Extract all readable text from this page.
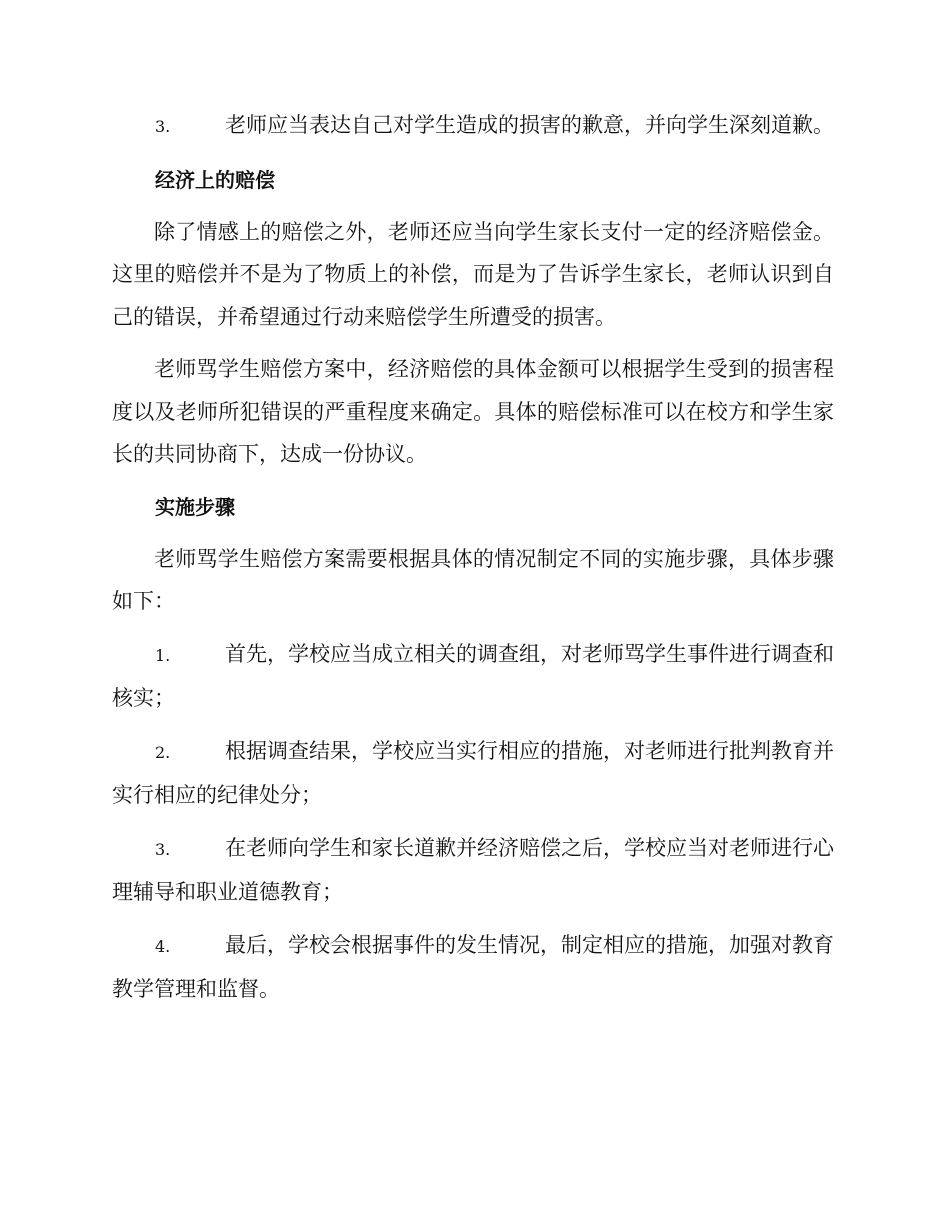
3.	老师应当表达自己对学生造成的损害的歉意，并向学生深刻道歉。

经济上的赔偿

除了情感上的赔偿之外，老师还应当向学生家长支付一定的经济赔偿金。这里的赔偿并不是为了物质上的补偿，而是为了告诉学生家长，老师认识到自己的错误，并希望通过行动来赔偿学生所遭受的损害。

老师骂学生赔偿方案中，经济赔偿的具体金额可以根据学生受到的损害程度以及老师所犯错误的严重程度来确定。具体的赔偿标准可以在校方和学生家长的共同协商下，达成一份协议。

实施步骤

老师骂学生赔偿方案需要根据具体的情况制定不同的实施步骤，具体步骤如下：

1.	首先，学校应当成立相关的调查组，对老师骂学生事件进行调查和核实；

2.	根据调查结果，学校应当实行相应的措施，对老师进行批判教育并实行相应的纪律处分；

3.	在老师向学生和家长道歉并经济赔偿之后，学校应当对老师进行心理辅导和职业道德教育；

4.	最后，学校会根据事件的发生情况，制定相应的措施，加强对教育教学管理和监督。
